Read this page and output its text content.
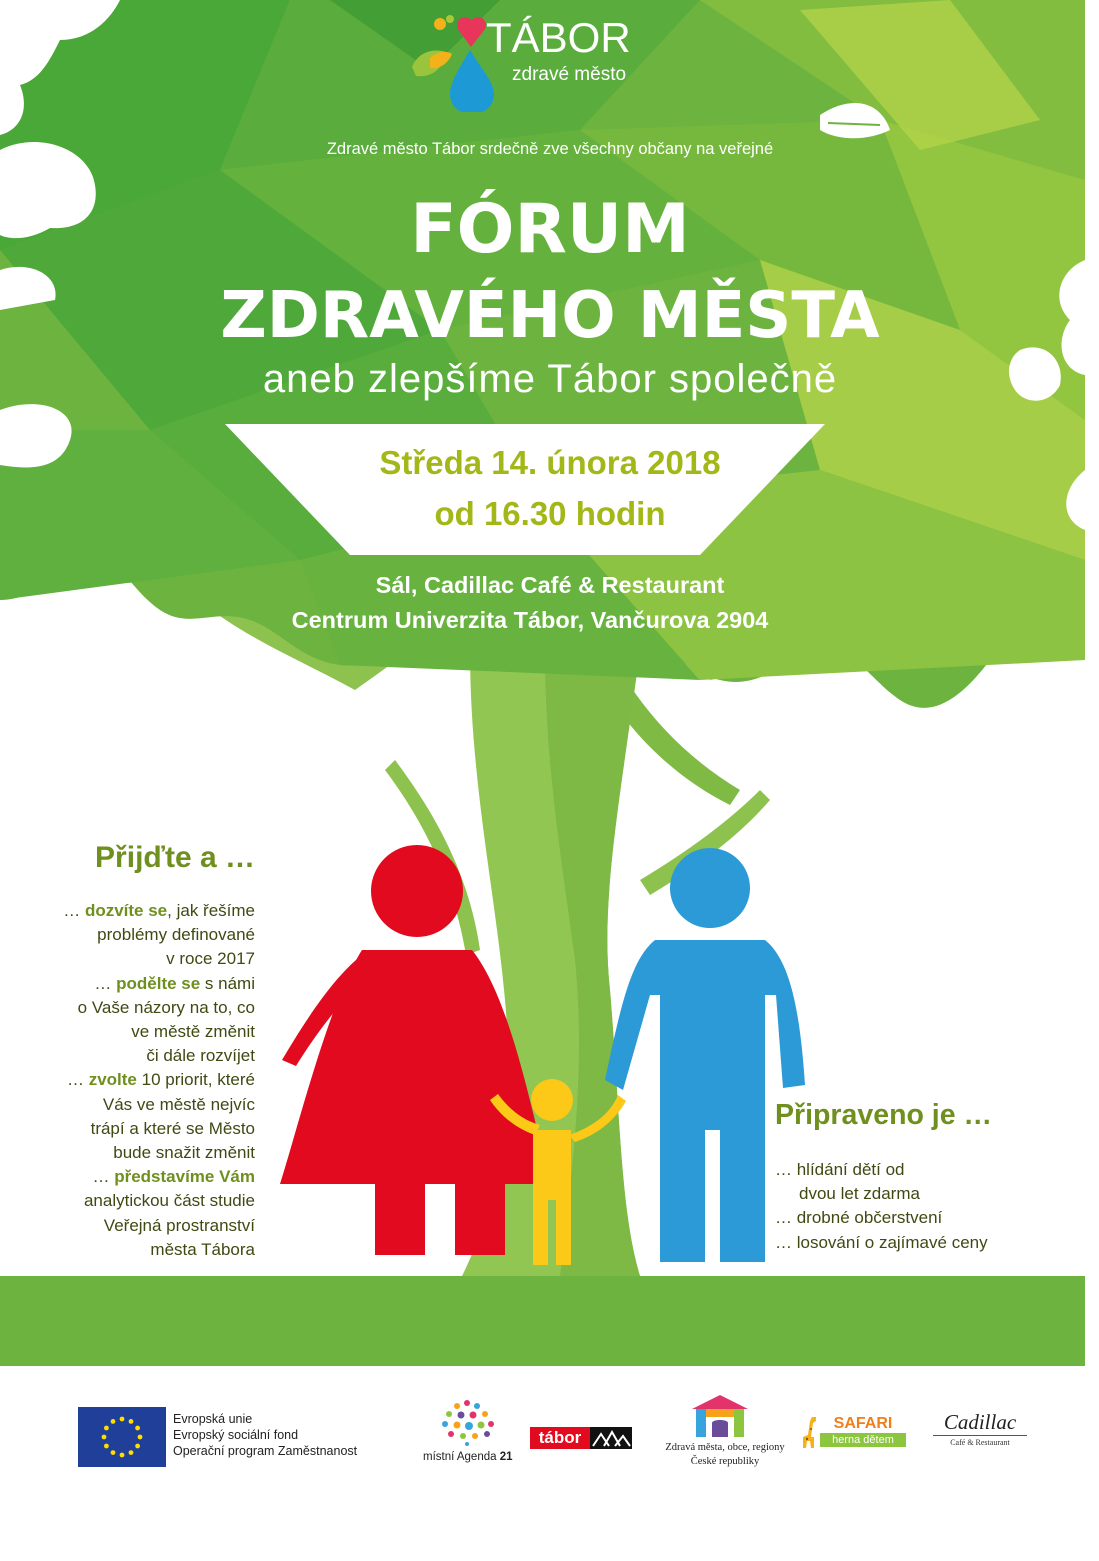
TÁBOR
zdravé město
Zdravé město Tábor srdečně zve všechny občany na veřejné
FÓRUM
ZDRAVÉHO MĚSTA
aneb zlepšíme Tábor společně
Středa 14. února 2018
od 16.30 hodin
Sál, Cadillac Café & Restaurant
Centrum Univerzita Tábor, Vančurova 2904
Přijďte a …
… dozvíte se, jak řešíme
problémy definované
v roce 2017
… podělte se s námi
o Vaše názory na to, co
ve městě změnit
či dále rozvíjet
… zvolte 10 priorit, které
Vás ve městě nejvíc
trápí a které se Město
bude snažit změnit
… představíme Vám
analytickou část studie
Veřejná prostranství
města Tábora
Připraveno je …
… hlídání dětí od
dvou let zdarma
… drobné občerstvení
… losování o zajímavé ceny
Evropská unie
Evropský sociální fond
Operační program Zaměstnanost	místní Agenda 21
tábor
Zdravá města, obce, regiony
České republiky
SAFARI
herna dětem
Cadillac
Café & Restaurant
